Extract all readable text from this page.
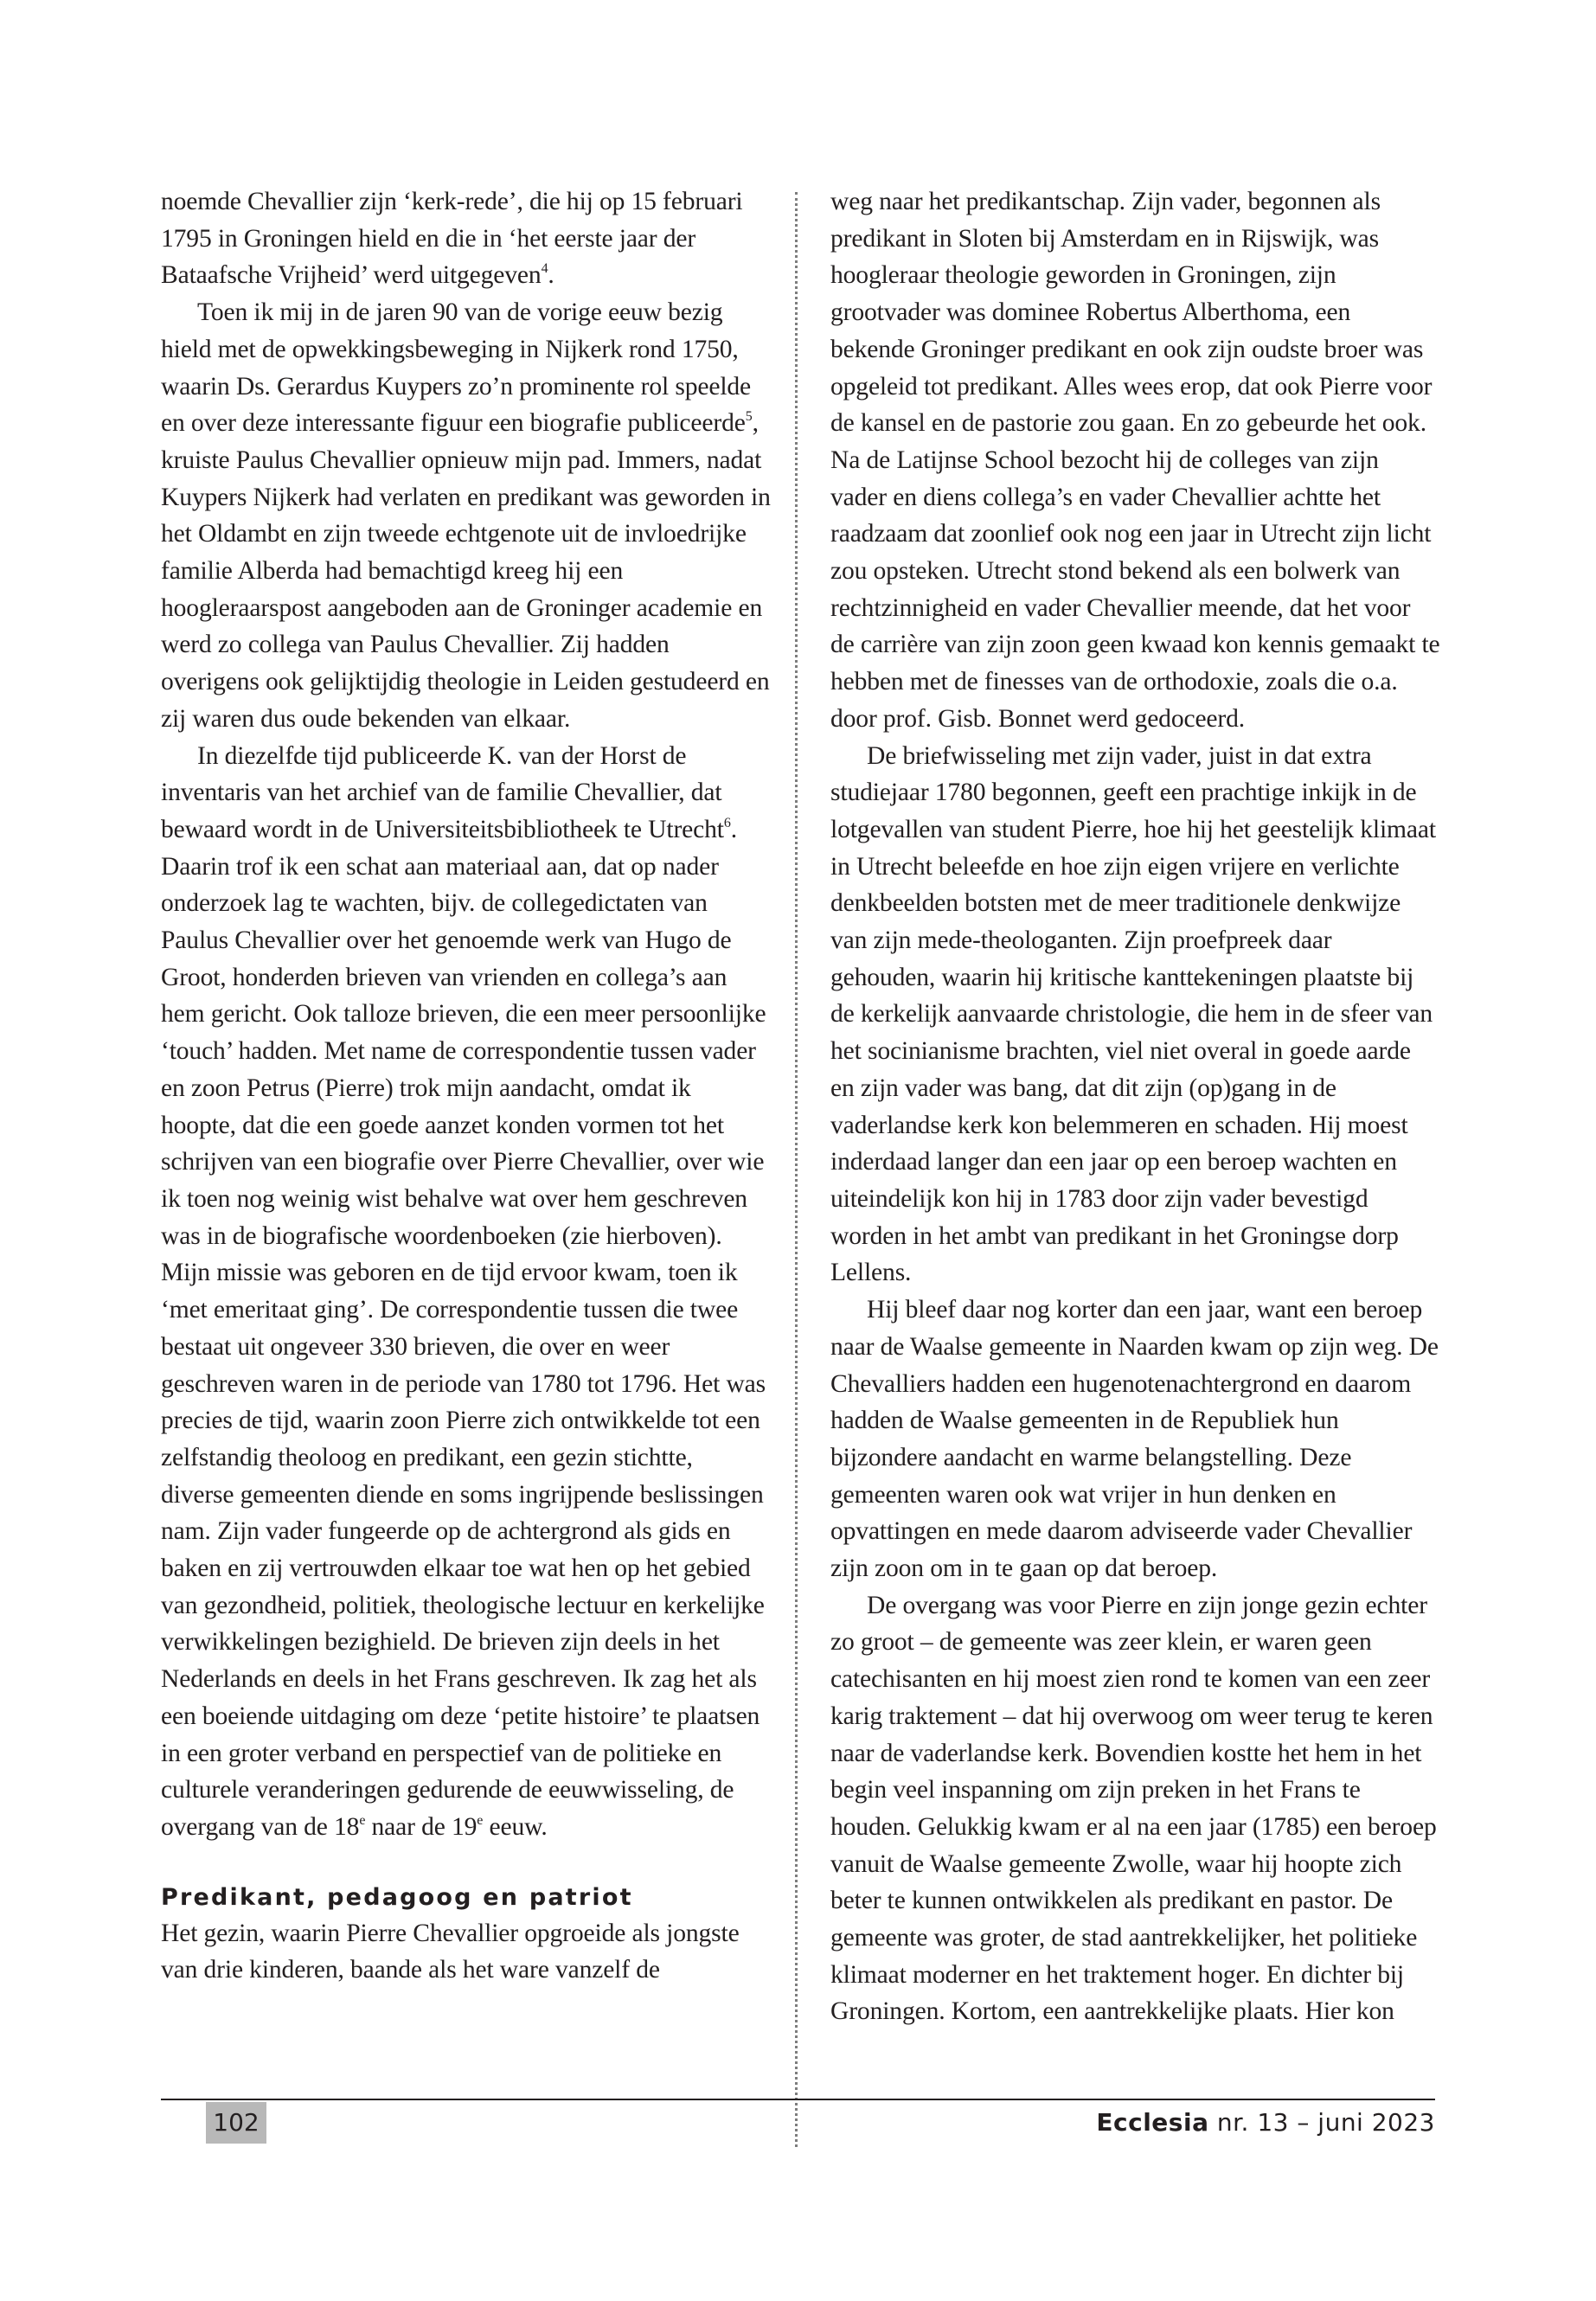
noemde Chevallier zijn ‘kerk-rede’, die hij op 15 februari 1795 in Groningen hield en die in ‘het eerste jaar der Bataafsche Vrijheid’ werd uitgegeven$^4$.

Toen ik mij in de jaren 90 van de vorige eeuw bezig hield met de opwekkingsbeweging in Nijkerk rond 1750, waarin Ds. Gerardus Kuypers zo’n prominente rol speelde en over deze interessante figuur een biografie publiceerde$^5$, kruiste Paulus Chevallier opnieuw mijn pad. Immers, nadat Kuypers Nijkerk had verlaten en predikant was geworden in het Oldambt en zijn tweede echtgenote uit de invloedrijke familie Alberda had bemachtigd kreeg hij een hoogleraarspost aangeboden aan de Groninger academie en werd zo collega van Paulus Chevallier. Zij hadden overigens ook gelijktijdig theologie in Leiden gestudeerd en zij waren dus oude bekenden van elkaar.

In diezelfde tijd publiceerde K. van der Horst de inventaris van het archief van de familie Chevallier, dat bewaard wordt in de Universiteitsbibliotheek te Utrecht$^6$. Daarin trof ik een schat aan materiaal aan, dat op nader onderzoek lag te wachten, bijv. de collegedictaten van Paulus Chevallier over het genoemde werk van Hugo de Groot, honderden brieven van vrienden en collega’s aan hem gericht. Ook talloze brieven, die een meer persoonlijke ‘touch’ hadden. Met name de correspondentie tussen vader en zoon Petrus (Pierre) trok mijn aandacht, omdat ik hoopte, dat die een goede aanzet konden vormen tot het schrijven van een biografie over Pierre Chevallier, over wie ik toen nog weinig wist behalve wat over hem geschreven was in de biografische woordenboeken (zie hierboven). Mijn missie was geboren en de tijd ervoor kwam, toen ik ‘met emeritaat ging’. De correspondentie tussen die twee bestaat uit ongeveer 330 brieven, die over en weer geschreven waren in de periode van 1780 tot 1796. Het was precies de tijd, waarin zoon Pierre zich ontwikkelde tot een zelfstandig theoloog en predikant, een gezin stichtte, diverse gemeenten diende en soms ingrijpende beslissingen nam. Zijn vader fungeerde op de achtergrond als gids en baken en zij vertrouwden elkaar toe wat hen op het gebied van gezondheid, politiek, theologische lectuur en kerkelijke verwikkelingen bezighield. De brieven zijn deels in het Nederlands en deels in het Frans geschreven. Ik zag het als een boeiende uitdaging om deze ‘petite histoire’ te plaatsen in een groter verband en perspectief van de politieke en culturele veranderingen gedurende de eeuwwisseling, de overgang van de 18e naar de 19e eeuw.

Predikant, pedagoog en patriot

Het gezin, waarin Pierre Chevallier opgroeide als jongste van drie kinderen, baande als het ware vanzelf de

weg naar het predikantschap. Zijn vader, begonnen als predikant in Sloten bij Amsterdam en in Rijswijk, was hoogleraar theologie geworden in Groningen, zijn grootvader was dominee Robertus Alberthoma, een bekende Groninger predikant en ook zijn oudste broer was opgeleid tot predikant. Alles wees erop, dat ook Pierre voor de kansel en de pastorie zou gaan. En zo gebeurde het ook. Na de Latijnse School bezocht hij de colleges van zijn vader en diens collega’s en vader Chevallier achtte het raadzaam dat zoonlief ook nog een jaar in Utrecht zijn licht zou opsteken. Utrecht stond bekend als een bolwerk van rechtzinnigheid en vader Chevallier meende, dat het voor de carrière van zijn zoon geen kwaad kon kennis gemaakt te hebben met de finesses van de orthodoxie, zoals die o.a. door prof. Gisb. Bonnet werd gedoceerd.

De briefwisseling met zijn vader, juist in dat extra studiejaar 1780 begonnen, geeft een prachtige inkijk in de lotgevallen van student Pierre, hoe hij het geestelijk klimaat in Utrecht beleefde en hoe zijn eigen vrijere en verlichte denkbeelden botsten met de meer traditionele denkwijze van zijn mede-theologanten. Zijn proefpreek daar gehouden, waarin hij kritische kanttekeningen plaatste bij de kerkelijk aanvaarde christologie, die hem in de sfeer van het socinianisme brachten, viel niet overal in goede aarde en zijn vader was bang, dat dit zijn (op)gang in de vaderlandse kerk kon belemmeren en schaden. Hij moest inderdaad langer dan een jaar op een beroep wachten en uiteindelijk kon hij in 1783 door zijn vader bevestigd worden in het ambt van predikant in het Groningse dorp Lellens.

Hij bleef daar nog korter dan een jaar, want een beroep naar de Waalse gemeente in Naarden kwam op zijn weg. De Chevalliers hadden een hugenotenachtergrond en daarom hadden de Waalse gemeenten in de Republiek hun bijzondere aandacht en warme belangstelling. Deze gemeenten waren ook wat vrijer in hun denken en opvattingen en mede daarom adviseerde vader Chevallier zijn zoon om in te gaan op dat beroep.

De overgang was voor Pierre en zijn jonge gezin echter zo groot – de gemeente was zeer klein, er waren geen catechisanten en hij moest zien rond te komen van een zeer karig traktement – dat hij overwoog om weer terug te keren naar de vaderlandse kerk. Bovendien kostte het hem in het begin veel inspanning om zijn preken in het Frans te houden. Gelukkig kwam er al na een jaar (1785) een beroep vanuit de Waalse gemeente Zwolle, waar hij hoopte zich beter te kunnen ontwikkelen als predikant en pastor. De gemeente was groter, de stad aantrekkelijker, het politieke klimaat moderner en het traktement hoger. En dichter bij Groningen. Kortom, een aantrekkelijke plaats. Hier kon

102	Ecclesia nr. 13 – juni 2023
